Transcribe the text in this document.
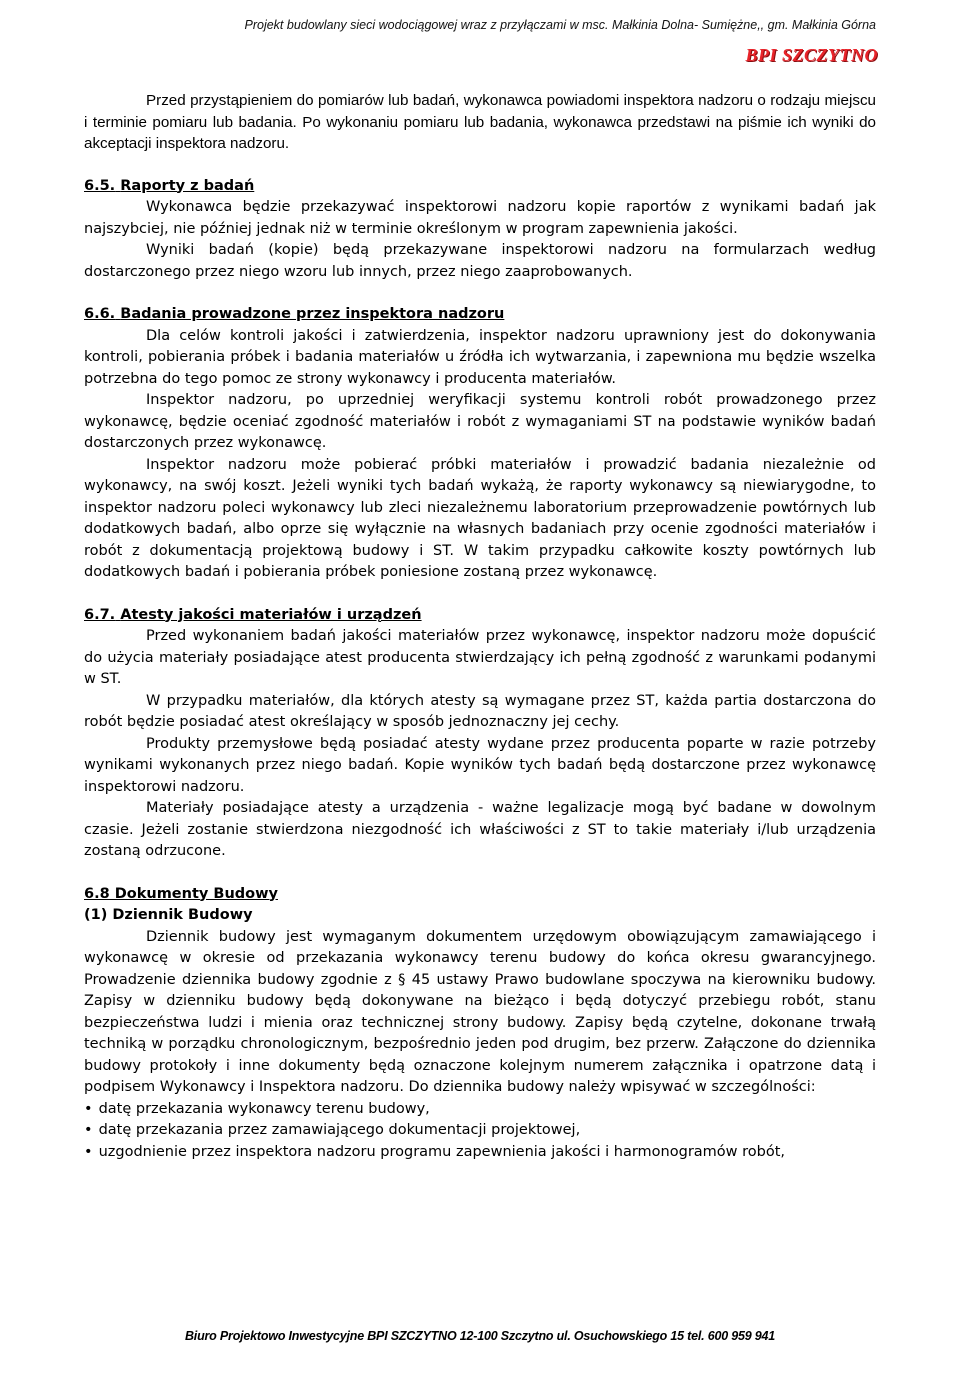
Projekt budowlany sieci wodociągowej wraz z przyłączami w msc. Małkinia Dolna- Sumiężne,, gm. Małkinia Górna
BPI SZCZYTNO

Przed przystąpieniem do pomiarów lub badań, wykonawca powiadomi inspektora nadzoru o rodzaju miejscu i terminie pomiaru lub badania. Po wykonaniu pomiaru lub badania, wykonawca przedstawi na piśmie ich wyniki do akceptacji inspektora nadzoru.

6.5. Raporty z badań

Wykonawca będzie przekazywać inspektorowi nadzoru kopie raportów z wynikami badań jak najszybciej, nie później jednak niż w terminie określonym w program zapewnienia jakości.

Wyniki badań (kopie) będą przekazywane inspektorowi nadzoru na formularzach według dostarczonego przez niego wzoru lub innych, przez niego zaaprobowanych.

6.6. Badania prowadzone przez inspektora nadzoru

Dla celów kontroli jakości i zatwierdzenia, inspektor nadzoru uprawniony jest do dokonywania kontroli, pobierania próbek i badania materiałów u źródła ich wytwarzania, i zapewniona mu będzie wszelka potrzebna do tego pomoc ze strony wykonawcy i producenta materiałów.

Inspektor nadzoru, po uprzedniej weryfikacji systemu kontroli robót prowadzonego przez wykonawcę, będzie oceniać zgodność materiałów i robót z wymaganiami ST na podstawie wyników badań dostarczonych przez wykonawcę.

Inspektor nadzoru może pobierać próbki materiałów i prowadzić badania niezależnie od wykonawcy, na swój koszt. Jeżeli wyniki tych badań wykażą, że raporty wykonawcy są niewiarygodne, to inspektor nadzoru poleci wykonawcy lub zleci niezależnemu laboratorium przeprowadzenie powtórnych lub dodatkowych badań, albo oprze się wyłącznie na własnych badaniach przy ocenie zgodności materiałów i robót z dokumentacją projektową budowy i ST. W takim przypadku całkowite koszty powtórnych lub dodatkowych badań i pobierania próbek poniesione zostaną przez wykonawcę.

6.7. Atesty jakości materiałów i urządzeń

Przed wykonaniem badań jakości materiałów przez wykonawcę, inspektor nadzoru może dopuścić do użycia materiały posiadające atest producenta stwierdzający ich pełną zgodność z warunkami podanymi w ST.

W przypadku materiałów, dla których atesty są wymagane przez ST, każda partia dostarczona do robót będzie posiadać atest określający w sposób jednoznaczny jej cechy.

Produkty przemysłowe będą posiadać atesty wydane przez producenta poparte w razie potrzeby wynikami wykonanych przez niego badań. Kopie wyników tych badań będą dostarczone przez wykonawcę inspektorowi nadzoru.

Materiały posiadające atesty a urządzenia - ważne legalizacje mogą być badane w dowolnym czasie. Jeżeli zostanie stwierdzona niezgodność ich właściwości z ST to takie materiały i/lub urządzenia zostaną odrzucone.

6.8 Dokumenty Budowy

(1) Dziennik Budowy

Dziennik budowy jest wymaganym dokumentem urzędowym obowiązującym zamawiającego i wykonawcę w okresie od przekazania wykonawcy terenu budowy do końca okresu gwarancyjnego. Prowadzenie dziennika budowy zgodnie z § 45 ustawy Prawo budowlane spoczywa na kierowniku budowy. Zapisy w dzienniku budowy będą dokonywane na bieżąco i będą dotyczyć przebiegu robót, stanu bezpieczeństwa ludzi i mienia oraz technicznej strony budowy. Zapisy będą czytelne, dokonane trwałą techniką w porządku chronologicznym, bezpośrednio jeden pod drugim, bez przerw. Załączone do dziennika budowy protokoły i inne dokumenty będą oznaczone kolejnym numerem załącznika i opatrzone datą i podpisem Wykonawcy i Inspektora nadzoru. Do dziennika budowy należy wpisywać w szczególności:

• datę przekazania wykonawcy terenu budowy,

• datę przekazania przez zamawiającego dokumentacji projektowej,

• uzgodnienie przez inspektora nadzoru programu zapewnienia jakości i harmonogramów robót,

Biuro Projektowo Inwestycyjne BPI SZCZYTNO 12-100 Szczytno ul. Osuchowskiego 15 tel. 600 959 941
